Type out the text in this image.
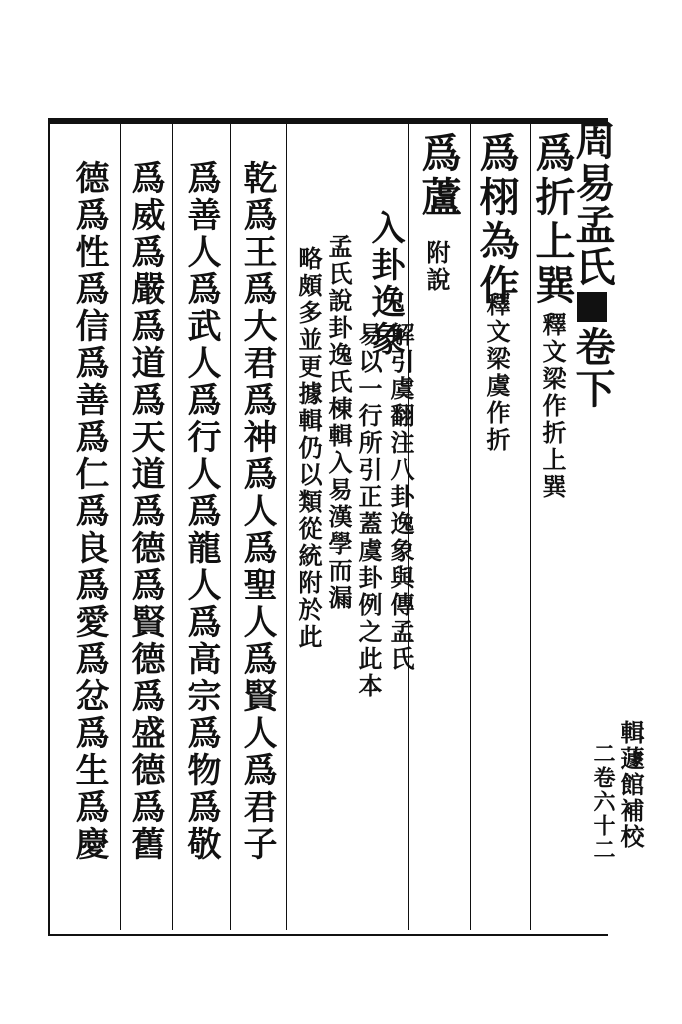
周易孟氏卷下
爲折上巽
釋文梁作折上巽
爲栩為作
釋文梁虞作折
爲蘆
附說
入卦逸象
解引虞翻注八卦逸象與傳孟氏
易以一行所引正蓋虞卦例之此本
孟氏說卦逸氏棟輯入易漢學而漏
略頗多並更據輯仍以類從統附於此
乾爲王爲大君爲神爲人爲聖人爲賢人爲君子
爲善人爲武人爲行人爲龍人爲高宗爲物爲敬
爲威爲嚴爲道爲天道爲德爲賢德爲盛德爲舊
德爲性爲信爲善爲仁爲良爲愛爲忿爲生爲慶	輯蘧館補校
二卷六十二
